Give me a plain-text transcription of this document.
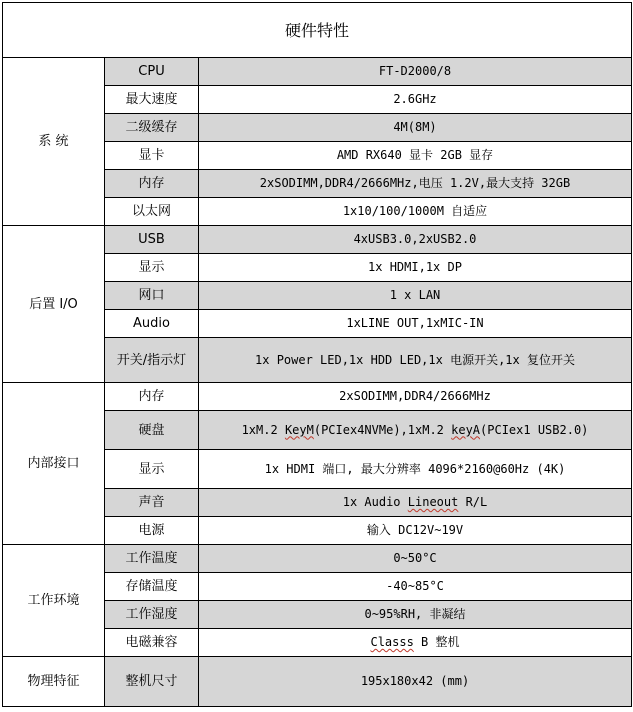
硬件特性		
系 统	CPU	FT-D2000/8
	最大速度	2.6GHz
	二级缓存	4M(8M)
	显卡	AMD RX640 显卡 2GB 显存
	内存	2xSODIMM,DDR4/2666MHz,电压 1.2V,最大支持 32GB
	以太网	1x10/100/1000M 自适应
后置 I/O	USB	4xUSB3.0,2xUSB2.0
	显示	1x HDMI,1x DP
	网口	1 x LAN
	Audio	1xLINE OUT,1xMIC-IN
	开关/指示灯	1x Power LED,1x HDD LED,1x 电源开关,1x 复位开关
内部接口	内存	2xSODIMM,DDR4/2666MHz
	硬盘	1xM.2 KeyM(PCIex4NVMe),1xM.2 keyA(PCIex1 USB2.0)
	显示	1x HDMI 端口, 最大分辨率 4096*2160@60Hz (4K)
	声音	1x Audio Lineout R/L
	电源	输入 DC12V~19V
工作环境	工作温度	0~50°C
	存储温度	-40~85°C
	工作湿度	0~95%RH, 非凝结
	电磁兼容	Classs B 整机
物理特征	整机尺寸	195x180x42 (mm)
